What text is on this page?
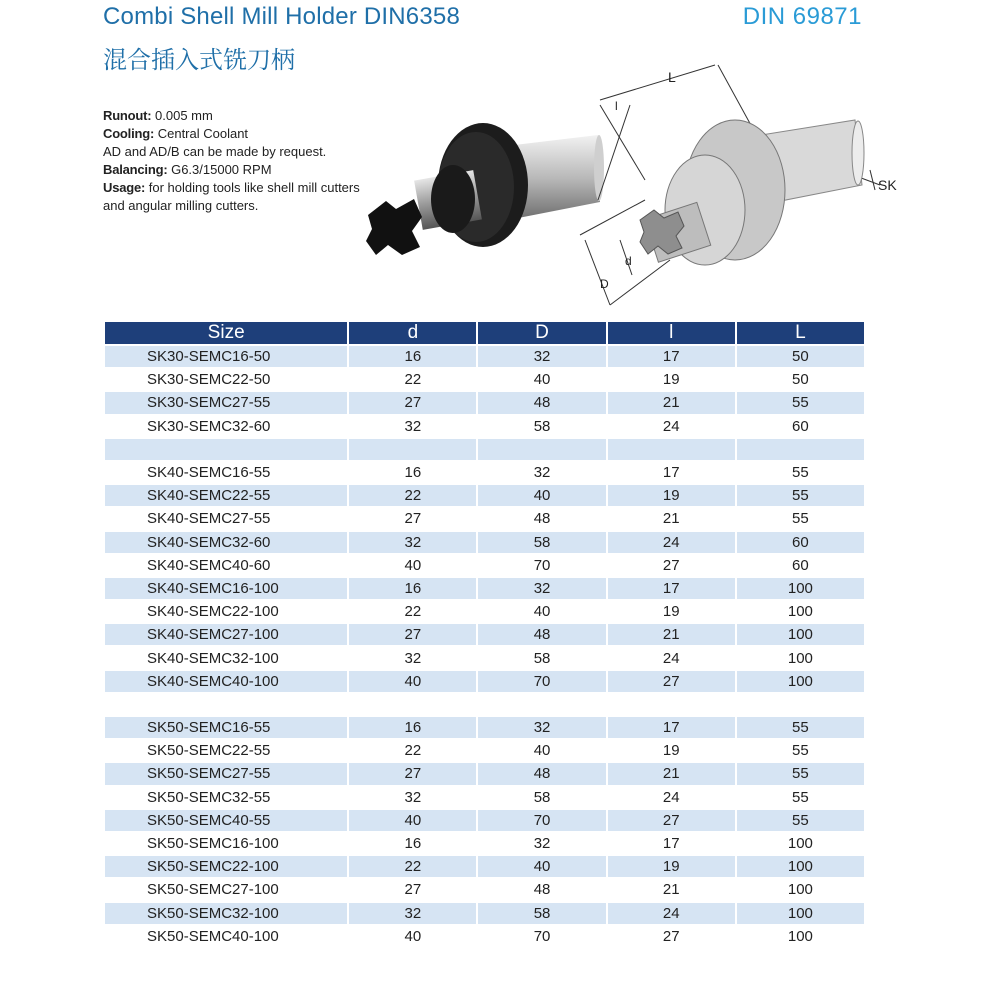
Combi Shell Mill Holder DIN6358	DIN 69871
混合插入式铣刀柄
Runout: 0.005 mm
Cooling: Central Coolant
AD and AD/B can be made by request.
Balancing: G6.3/15000 RPM
Usage: for holding tools like shell mill cutters and angular milling cutters.
L
l
d
D
SK
Size	d	D	l	L
SK30-SEMC16-50	16	32	17	50
SK30-SEMC22-50	22	40	19	50
SK30-SEMC27-55	27	48	21	55
SK30-SEMC32-60	32	58	24	60

SK40-SEMC16-55	16	32	17	55
SK40-SEMC22-55	22	40	19	55
SK40-SEMC27-55	27	48	21	55
SK40-SEMC32-60	32	58	24	60
SK40-SEMC40-60	40	70	27	60
SK40-SEMC16-100	16	32	17	100
SK40-SEMC22-100	22	40	19	100
SK40-SEMC27-100	27	48	21	100
SK40-SEMC32-100	32	58	24	100
SK40-SEMC40-100	40	70	27	100

SK50-SEMC16-55	16	32	17	55
SK50-SEMC22-55	22	40	19	55
SK50-SEMC27-55	27	48	21	55
SK50-SEMC32-55	32	58	24	55
SK50-SEMC40-55	40	70	27	55
SK50-SEMC16-100	16	32	17	100
SK50-SEMC22-100	22	40	19	100
SK50-SEMC27-100	27	48	21	100
SK50-SEMC32-100	32	58	24	100
SK50-SEMC40-100	40	70	27	100
